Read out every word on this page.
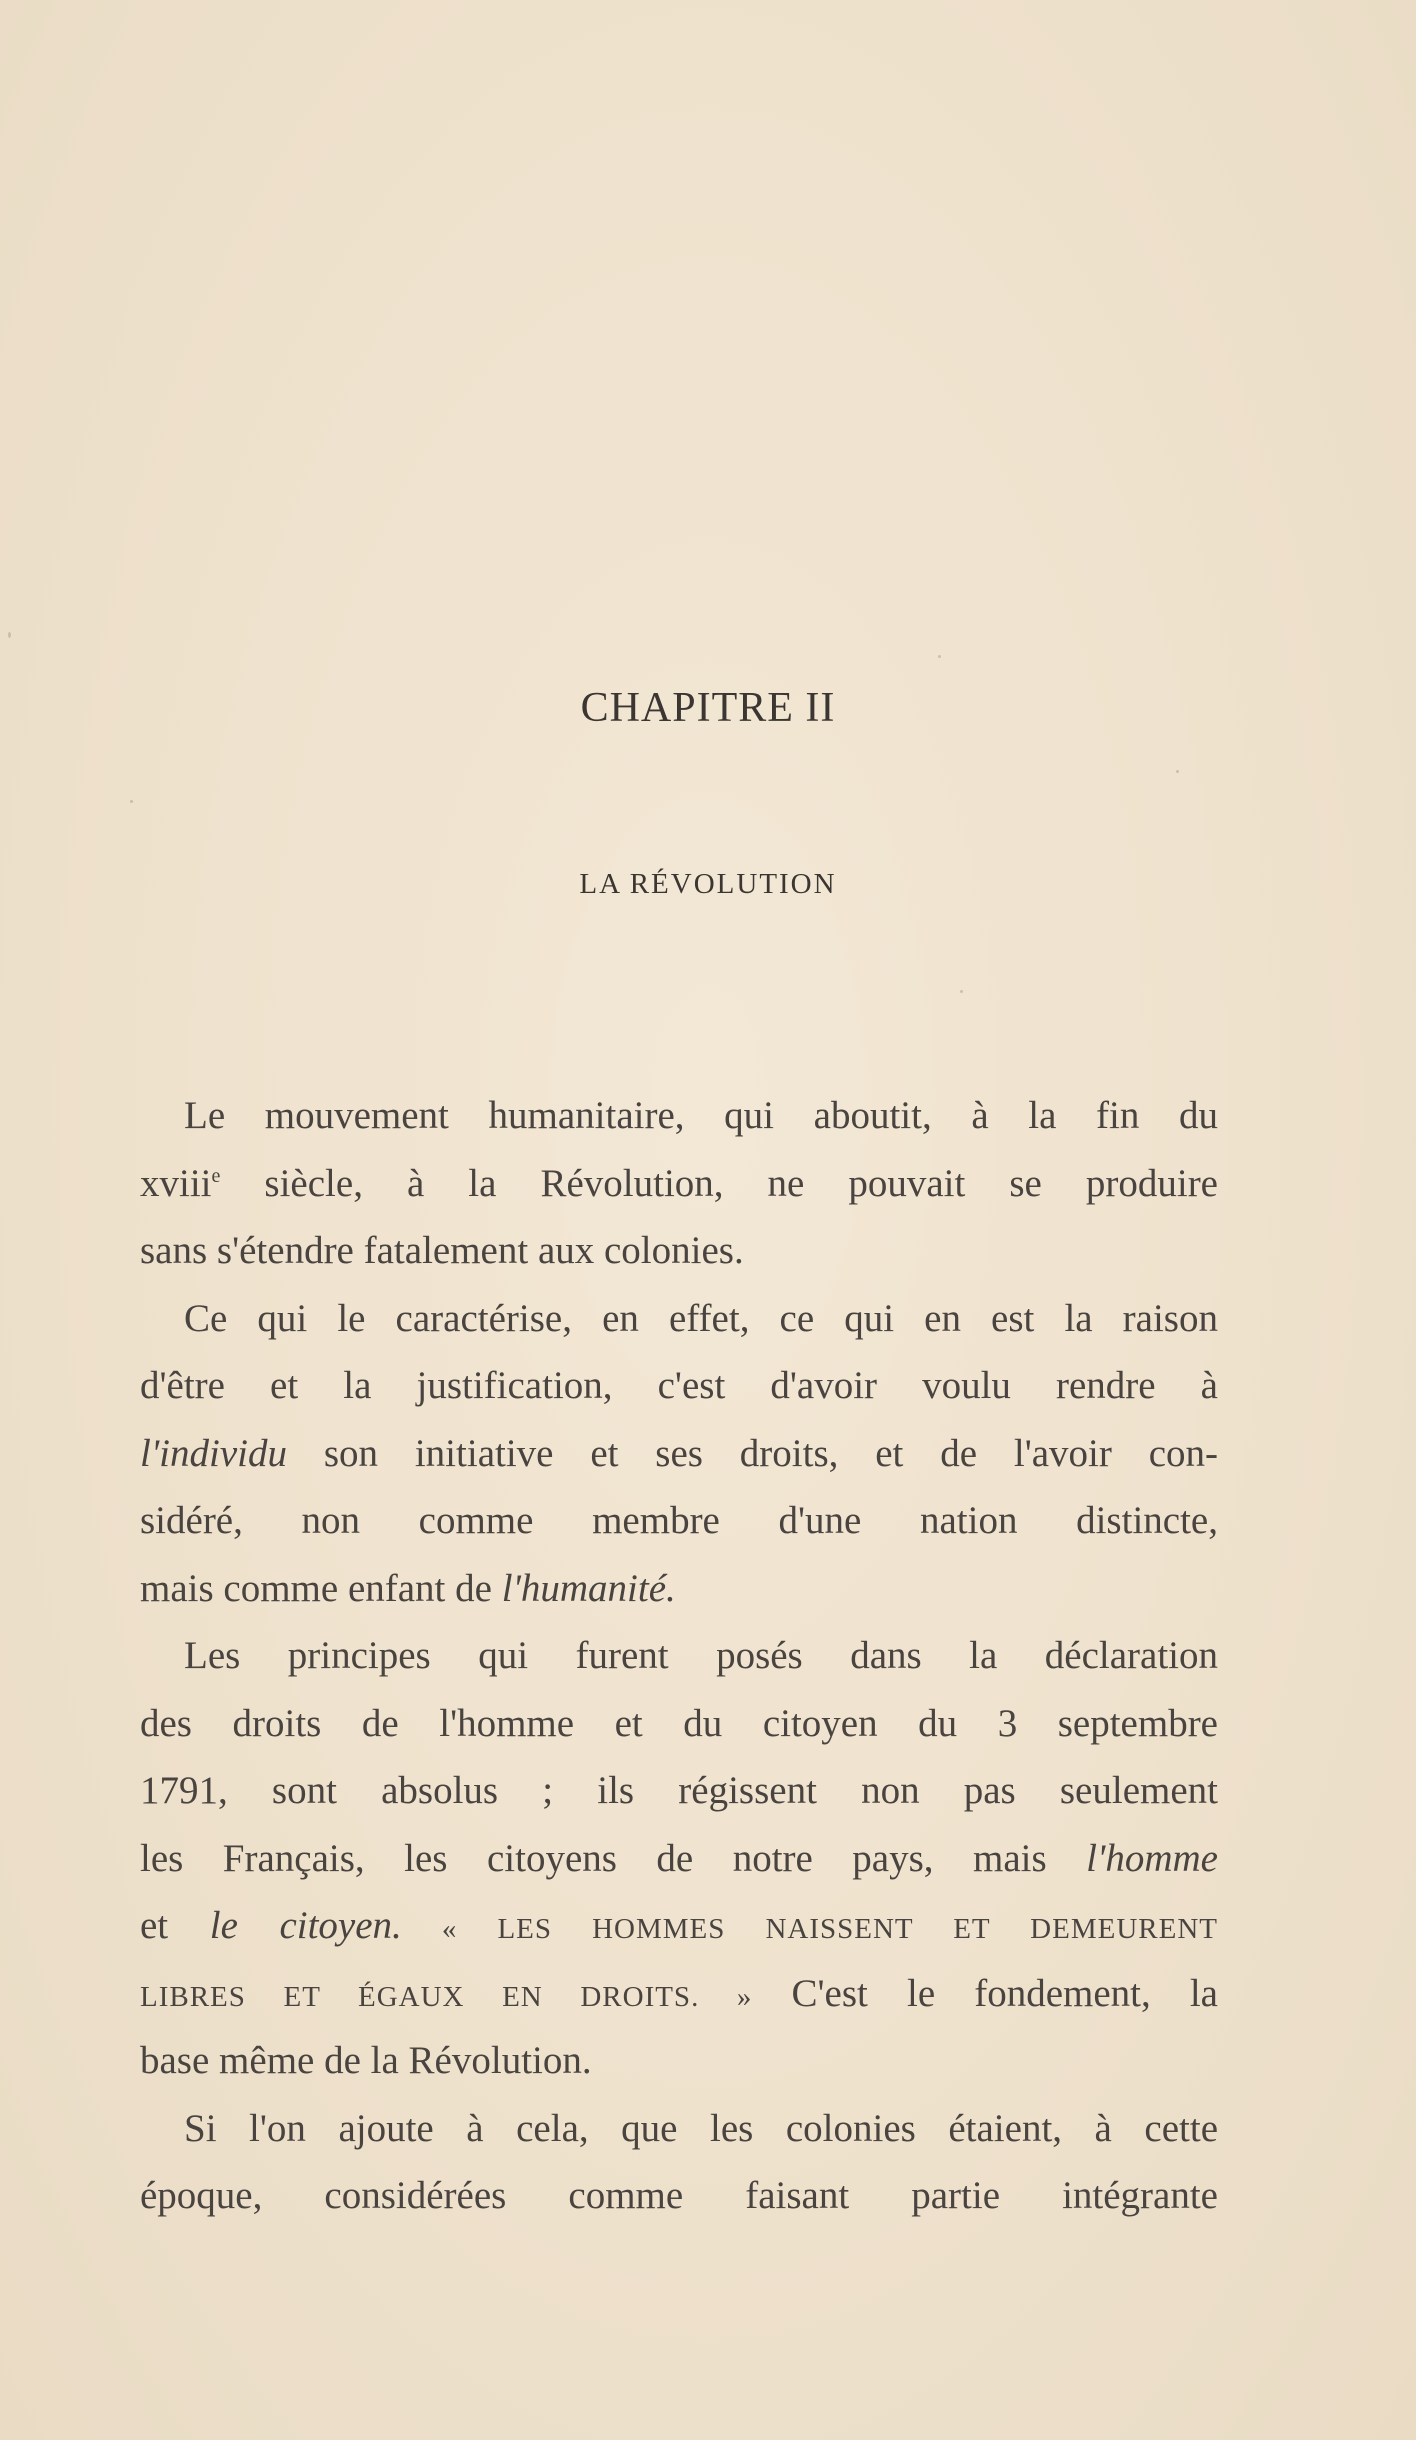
CHAPITRE II
LA RÉVOLUTION
Le mouvement humanitaire, qui aboutit, à la fin du
xviii$^e$ siècle, à la Révolution, ne pouvait se produire
sans s'étendre fatalement aux colonies.
Ce qui le caractérise, en effet, ce qui en est la raison
d'être et la justification, c'est d'avoir voulu rendre à
l'individu son initiative et ses droits, et de l'avoir con-
sidéré, non comme membre d'une nation distincte,
mais comme enfant de l'humanité.
Les principes qui furent posés dans la déclaration
des droits de l'homme et du citoyen du 3 septembre
1791, sont absolus ; ils régissent non pas seulement
les Français, les citoyens de notre pays, mais l'homme
et le citoyen. « LES HOMMES NAISSENT ET DEMEURENT
LIBRES ET ÉGAUX EN DROITS. » C'est le fondement, la
base même de la Révolution.
Si l'on ajoute à cela, que les colonies étaient, à cette
époque, considérées comme faisant partie intégrante
